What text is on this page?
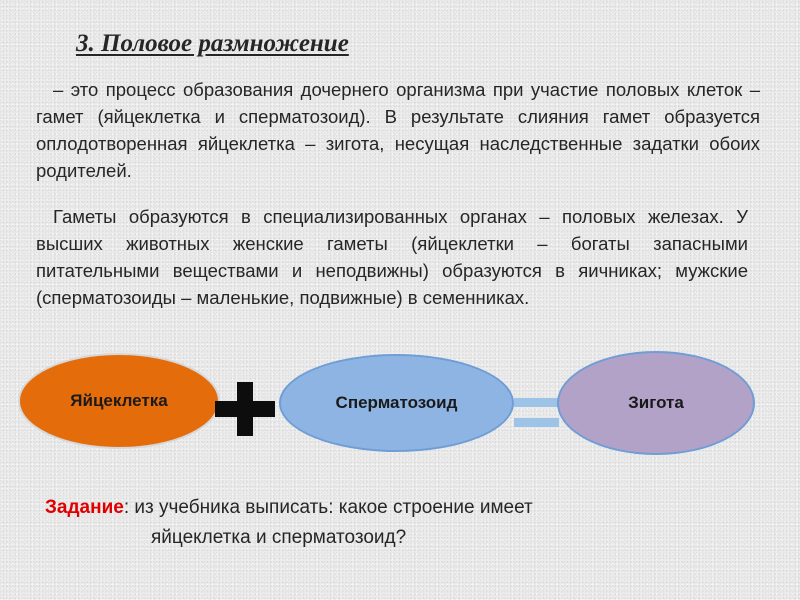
3. Половое размножение

– это процесс образования дочернего организма при участие половых клеток – гамет (яйцеклетка и сперматозоид). В результате слияния гамет образуется оплодотворенная яйцеклетка – зигота, несущая наследственные задатки обоих родителей.

Гаметы образуются в специализированных органах – половых железах. У высших животных женские гаметы (яйцеклетки – богаты запасными питательными веществами и неподвижны) образуются в яичниках; мужские (сперматозоиды – маленькие, подвижные) в семенниках.

Яйцеклетка	Сперматозоид	Зигота

Задание: из учебника выписать: какое строение имеет
яйцеклетка и сперматозоид?
